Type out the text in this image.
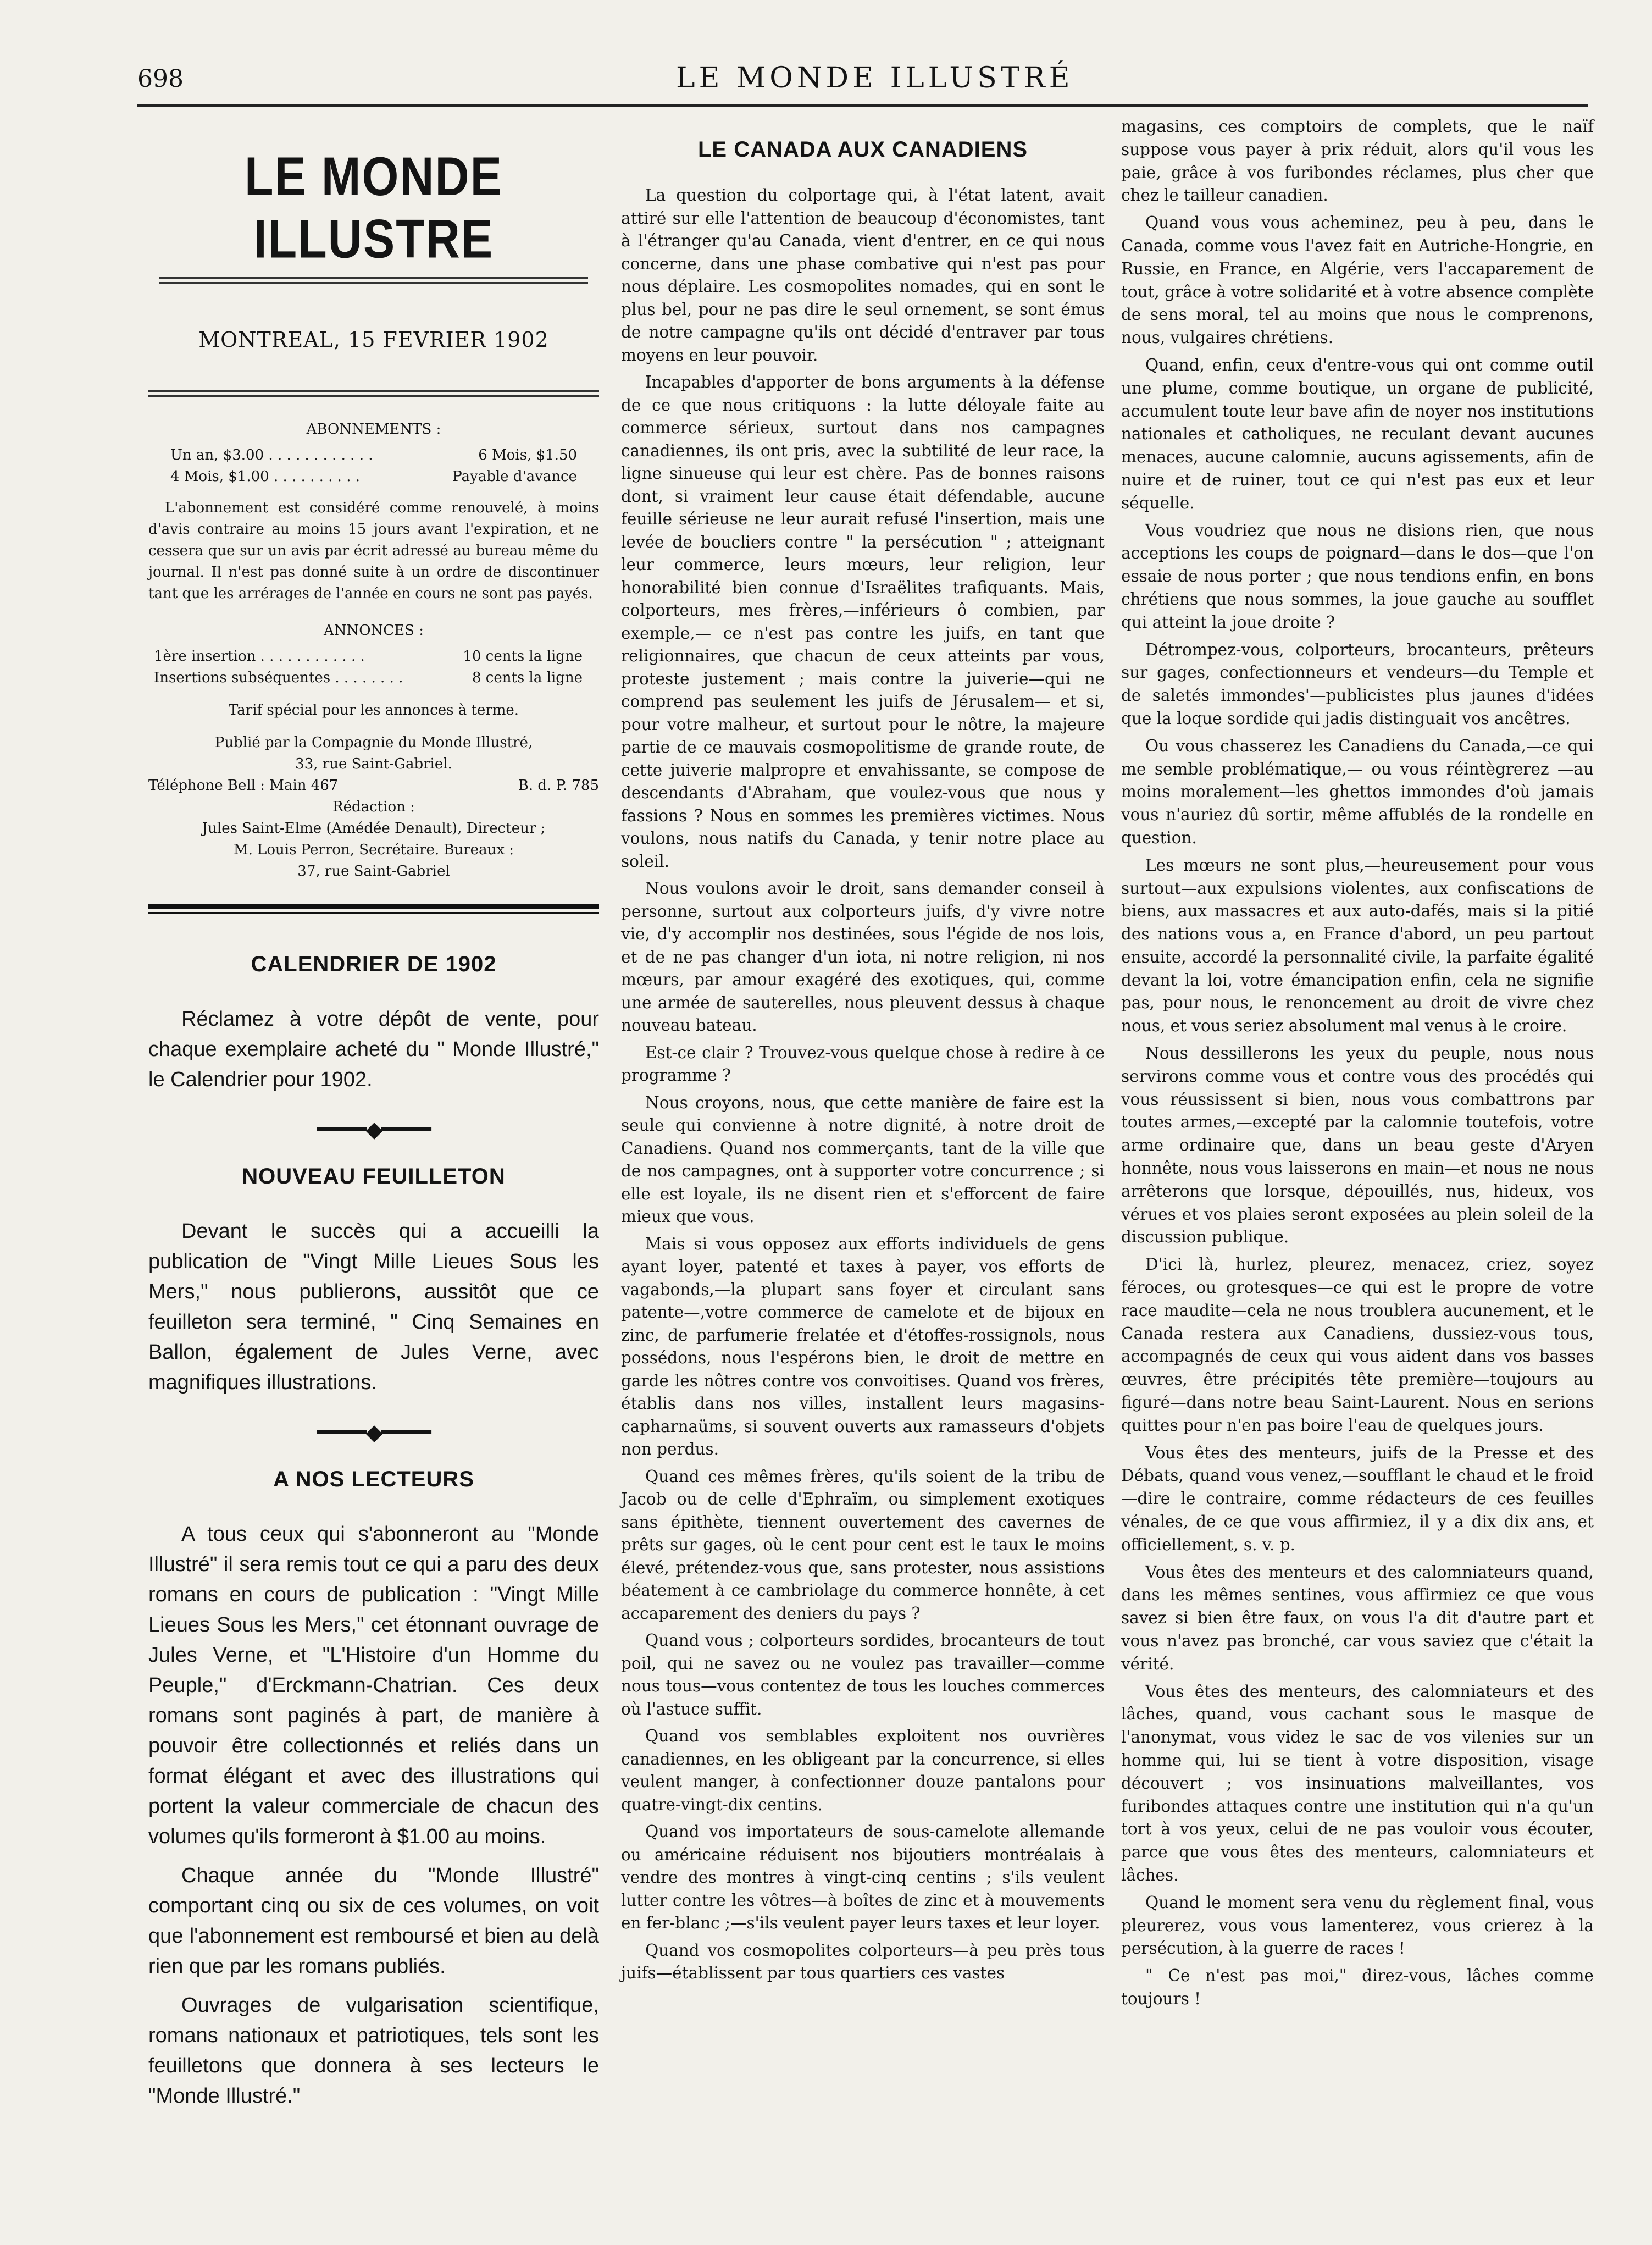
698	LE MONDE ILLUSTRÉ
LE MONDE ILLUSTRE
MONTREAL, 15 FEVRIER 1902
ABONNEMENTS :
Un an, $3.00 . . . . . . . . . . . .	6 Mois, $1.50
4 Mois, $1.00 . . . . . . . . . .	Payable d'avance
L'abonnement est considéré comme renouvelé, à moins d'avis contraire au moins 15 jours avant l'expiration, et ne cessera que sur un avis par écrit adressé au bureau même du journal. Il n'est pas donné suite à un ordre de discontinuer tant que les arrérages de l'année en cours ne sont pas payés.
ANNONCES :
1ère insertion . . . . . . . . . . . .	10 cents la ligne
Insertions subséquentes . . . . . . . .	8 cents la ligne
Tarif spécial pour les annonces à terme.
Publié par la Compagnie du Monde Illustré,
33, rue Saint-Gabriel.
Téléphone Bell : Main 467	B. d. P. 785
Rédaction :
Jules Saint-Elme (Amédée Denault), Directeur ;
M. Louis Perron, Secrétaire. Bureaux :
37, rue Saint-Gabriel
CALENDRIER DE 1902

Réclamez à votre dépôt de vente, pour chaque exemplaire acheté du " Monde Illustré," le Calendrier pour 1902.

━━━━◆━━━━
NOUVEAU FEUILLETON

Devant le succès qui a accueilli la publication de "Vingt Mille Lieues Sous les Mers," nous publierons, aussitôt que ce feuilleton sera terminé, " Cinq Semaines en Ballon, également de Jules Verne, avec magnifiques illustrations.

━━━━◆━━━━
A NOS LECTEURS

A tous ceux qui s'abonneront au "Monde Illustré" il sera remis tout ce qui a paru des deux romans en cours de publication : "Vingt Mille Lieues Sous les Mers," cet étonnant ouvrage de Jules Verne, et "L'Histoire d'un Homme du Peuple," d'Erckmann-Chatrian. Ces deux romans sont paginés à part, de manière à pouvoir être collectionnés et reliés dans un format élégant et avec des illustrations qui portent la valeur commerciale de chacun des volumes qu'ils formeront à $1.00 au moins.

Chaque année du "Monde Illustré" comportant cinq ou six de ces volumes, on voit que l'abonnement est remboursé et bien au delà rien que par les romans publiés.

Ouvrages de vulgarisation scientifique, romans nationaux et patriotiques, tels sont les feuilletons que donnera à ses lecteurs le "Monde Illustré."

LE CANADA AUX CANADIENS

La question du colportage qui, à l'état latent, avait attiré sur elle l'attention de beaucoup d'économistes, tant à l'étranger qu'au Canada, vient d'entrer, en ce qui nous concerne, dans une phase combative qui n'est pas pour nous déplaire. Les cosmopolites nomades, qui en sont le plus bel, pour ne pas dire le seul ornement, se sont émus de notre campagne qu'ils ont décidé d'entraver par tous moyens en leur pouvoir.

Incapables d'apporter de bons arguments à la défense de ce que nous critiquons : la lutte déloyale faite au commerce sérieux, surtout dans nos campagnes canadiennes, ils ont pris, avec la subtilité de leur race, la ligne sinueuse qui leur est chère. Pas de bonnes raisons dont, si vraiment leur cause était défendable, aucune feuille sérieuse ne leur aurait refusé l'insertion, mais une levée de boucliers contre " la persécution " ; atteignant leur commerce, leurs mœurs, leur religion, leur honorabilité bien connue d'Israëlites trafiquants. Mais, colporteurs, mes frères,—inférieurs ô combien, par exemple,— ce n'est pas contre les juifs, en tant que religionnaires, que chacun de ceux atteints par vous, proteste justement ; mais contre la juiverie—qui ne comprend pas seulement les juifs de Jérusalem— et si, pour votre malheur, et surtout pour le nôtre, la majeure partie de ce mauvais cosmopolitisme de grande route, de cette juiverie malpropre et envahissante, se compose de descendants d'Abraham, que voulez-vous que nous y fassions ? Nous en sommes les premières victimes. Nous voulons, nous natifs du Canada, y tenir notre place au soleil.

Nous voulons avoir le droit, sans demander conseil à personne, surtout aux colporteurs juifs, d'y vivre notre vie, d'y accomplir nos destinées, sous l'égide de nos lois, et de ne pas changer d'un iota, ni notre religion, ni nos mœurs, par amour exagéré des exotiques, qui, comme une armée de sauterelles, nous pleuvent dessus à chaque nouveau bateau.

Est-ce clair ? Trouvez-vous quelque chose à redire à ce programme ?

Nous croyons, nous, que cette manière de faire est la seule qui convienne à notre dignité, à notre droit de Canadiens. Quand nos commerçants, tant de la ville que de nos campagnes, ont à supporter votre concurrence ; si elle est loyale, ils ne disent rien et s'efforcent de faire mieux que vous.

Mais si vous opposez aux efforts individuels de gens ayant loyer, patenté et taxes à payer, vos efforts de vagabonds,—la plupart sans foyer et circulant sans patente—,votre commerce de camelote et de bijoux en zinc, de parfumerie frelatée et d'étoffes-rossignols, nous possédons, nous l'espérons bien, le droit de mettre en garde les nôtres contre vos convoitises. Quand vos frères, établis dans nos villes, installent leurs magasins-capharnaüms, si souvent ouverts aux ramasseurs d'objets non perdus.

Quand ces mêmes frères, qu'ils soient de la tribu de Jacob ou de celle d'Ephraïm, ou simplement exotiques sans épithète, tiennent ouvertement des cavernes de prêts sur gages, où le cent pour cent est le taux le moins élevé, prétendez-vous que, sans protester, nous assistions béatement à ce cambriolage du commerce honnête, à cet accaparement des deniers du pays ?

Quand vous ; colporteurs sordides, brocanteurs de tout poil, qui ne savez ou ne voulez pas travailler—comme nous tous—vous contentez de tous les louches commerces où l'astuce suffit.

Quand vos semblables exploitent nos ouvrières canadiennes, en les obligeant par la concurrence, si elles veulent manger, à confectionner douze pantalons pour quatre-vingt-dix centins.

Quand vos importateurs de sous-camelote allemande ou américaine réduisent nos bijoutiers montréalais à vendre des montres à vingt-cinq centins ; s'ils veulent lutter contre les vôtres—à boîtes de zinc et à mouvements en fer-blanc ;—s'ils veulent payer leurs taxes et leur loyer.

Quand vos cosmopolites colporteurs—à peu près tous juifs—établissent par tous quartiers ces vastes

magasins, ces comptoirs de complets, que le naïf suppose vous payer à prix réduit, alors qu'il vous les paie, grâce à vos furibondes réclames, plus cher que chez le tailleur canadien.

Quand vous vous acheminez, peu à peu, dans le Canada, comme vous l'avez fait en Autriche-Hongrie, en Russie, en France, en Algérie, vers l'accaparement de tout, grâce à votre solidarité et à votre absence complète de sens moral, tel au moins que nous le comprenons, nous, vulgaires chrétiens.

Quand, enfin, ceux d'entre-vous qui ont comme outil une plume, comme boutique, un organe de publicité, accumulent toute leur bave afin de noyer nos institutions nationales et catholiques, ne reculant devant aucunes menaces, aucune calomnie, aucuns agissements, afin de nuire et de ruiner, tout ce qui n'est pas eux et leur séquelle.

Vous voudriez que nous ne disions rien, que nous acceptions les coups de poignard—dans le dos—que l'on essaie de nous porter ; que nous tendions enfin, en bons chrétiens que nous sommes, la joue gauche au soufflet qui atteint la joue droite ?

Détrompez-vous, colporteurs, brocanteurs, prêteurs sur gages, confectionneurs et vendeurs—du Temple et de saletés immondes'—publicistes plus jaunes d'idées que la loque sordide qui jadis distinguait vos ancêtres.

Ou vous chasserez les Canadiens du Canada,—ce qui me semble problématique,— ou vous réintègrerez —au moins moralement—les ghettos immondes d'où jamais vous n'auriez dû sortir, même affublés de la rondelle en question.

Les mœurs ne sont plus,—heureusement pour vous surtout—aux expulsions violentes, aux confiscations de biens, aux massacres et aux auto-dafés, mais si la pitié des nations vous a, en France d'abord, un peu partout ensuite, accordé la personnalité civile, la parfaite égalité devant la loi, votre émancipation enfin, cela ne signifie pas, pour nous, le renoncement au droit de vivre chez nous, et vous seriez absolument mal venus à le croire.

Nous dessillerons les yeux du peuple, nous nous servirons comme vous et contre vous des procédés qui vous réussissent si bien, nous vous combattrons par toutes armes,—excepté par la calomnie toutefois, votre arme ordinaire que, dans un beau geste d'Aryen honnête, nous vous laisserons en main—et nous ne nous arrêterons que lorsque, dépouillés, nus, hideux, vos vérues et vos plaies seront exposées au plein soleil de la discussion publique.

D'ici là, hurlez, pleurez, menacez, criez, soyez féroces, ou grotesques—ce qui est le propre de votre race maudite—cela ne nous troublera aucunement, et le Canada restera aux Canadiens, dussiez-vous tous, accompagnés de ceux qui vous aident dans vos basses œuvres, être précipités tête première—toujours au figuré—dans notre beau Saint-Laurent. Nous en serions quittes pour n'en pas boire l'eau de quelques jours.

Vous êtes des menteurs, juifs de la Presse et des Débats, quand vous venez,—soufflant le chaud et le froid—dire le contraire, comme rédacteurs de ces feuilles vénales, de ce que vous affirmiez, il y a dix dix ans, et officiellement, s. v. p.

Vous êtes des menteurs et des calomniateurs quand, dans les mêmes sentines, vous affirmiez ce que vous savez si bien être faux, on vous l'a dit d'autre part et vous n'avez pas bronché, car vous saviez que c'était la vérité.

Vous êtes des menteurs, des calomniateurs et des lâches, quand, vous cachant sous le masque de l'anonymat, vous videz le sac de vos vilenies sur un homme qui, lui se tient à votre disposition, visage découvert ; vos insinuations malveillantes, vos furibondes attaques contre une institution qui n'a qu'un tort à vos yeux, celui de ne pas vouloir vous écouter, parce que vous êtes des menteurs, calomniateurs et lâches.

Quand le moment sera venu du règlement final, vous pleurerez, vous vous lamenterez, vous crierez à la persécution, à la guerre de races !

" Ce n'est pas moi," direz-vous, lâches comme toujours !
